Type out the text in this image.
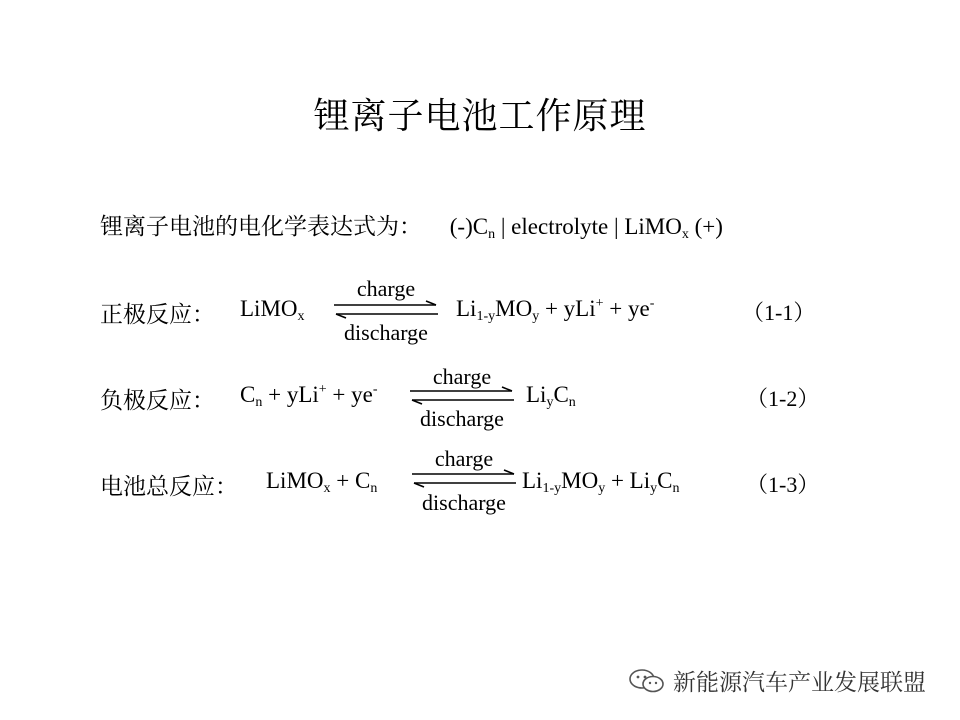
锂离子电池工作原理
锂离子电池的电化学表达式为： $(-)C_n$ | electrolyte | LiMO$_x$ (+)
正极反应： LiMO$_x$
charge
discharge
$Li_{1-y}MO_y + yLi^+ + ye^-$	（1-1）
负极反应： $C_n + yLi^+ + ye^-$
charge
discharge
$Li_yC_n$	（1-2）
电池总反应： LiMO$_x$ + $C_n$
charge
discharge
$Li_{1-y}MO_y + Li_yC_n$	（1-3）
新能源汽车产业发展联盟
